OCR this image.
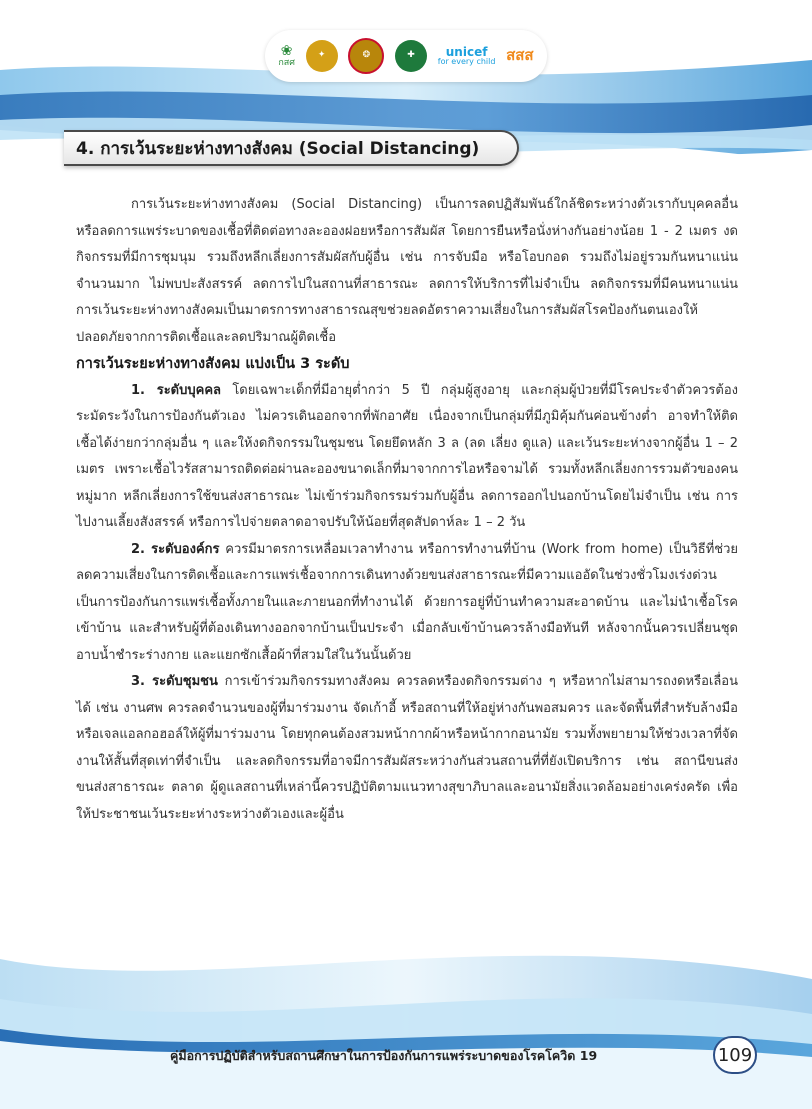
❀
กสศ
✦	❂	✚	unicef
for every child สสส
4. การเว้นระยะห่างทางสังคม (Social Distancing)

การเว้นระยะห่างทางสังคม (Social Distancing) เป็นการลดปฏิสัมพันธ์ใกล้ชิดระหว่างตัวเรากับบุคคลอื่น หรือลดการแพร่ระบาดของเชื้อที่ติดต่อทางละอองฝอยหรือการสัมผัส โดยการยืนหรือนั่งห่างกันอย่างน้อย 1 - 2 เมตร งดกิจกรรมที่มีการชุมนุม รวมถึงหลีกเลี่ยงการสัมผัสกับผู้อื่น เช่น การจับมือ หรือโอบกอด รวมถึงไม่อยู่รวมกันหนาแน่นจำนวนมาก ไม่พบปะสังสรรค์ ลดการไปในสถานที่สาธารณะ ลดการให้บริการที่ไม่จำเป็น ลดกิจกรรมที่มีคนหนาแน่น การเว้นระยะห่างทางสังคมเป็นมาตรการทางสาธารณสุขช่วยลดอัตราความเสี่ยงในการสัมผัสโรคป้องกันตนเองให้ปลอดภัยจากการติดเชื้อและลดปริมาณผู้ติดเชื้อ

การเว้นระยะห่างทางสังคม แบ่งเป็น 3 ระดับ

1. ระดับบุคคล โดยเฉพาะเด็กที่มีอายุต่ำกว่า 5 ปี กลุ่มผู้สูงอายุ และกลุ่มผู้ป่วยที่มีโรคประจำตัวควรต้องระมัดระวังในการป้องกันตัวเอง ไม่ควรเดินออกจากที่พักอาศัย เนื่องจากเป็นกลุ่มที่มีภูมิคุ้มกันค่อนข้างต่ำ อาจทำให้ติดเชื้อได้ง่ายกว่ากลุ่มอื่น ๆ และให้งดกิจกรรมในชุมชน โดยยึดหลัก 3 ล (ลด เลี่ยง ดูแล) และเว้นระยะห่างจากผู้อื่น 1 – 2 เมตร เพราะเชื้อไวรัสสามารถติดต่อผ่านละอองขนาดเล็กที่มาจากการไอหรือจามได้ รวมทั้งหลีกเลี่ยงการรวมตัวของคนหมู่มาก หลีกเลี่ยงการใช้ขนส่งสาธารณะ ไม่เข้าร่วมกิจกรรมร่วมกับผู้อื่น ลดการออกไปนอกบ้านโดยไม่จำเป็น เช่น การไปงานเลี้ยงสังสรรค์ หรือการไปจ่ายตลาดอาจปรับให้น้อยที่สุดสัปดาห์ละ 1 – 2 วัน

2. ระดับองค์กร ควรมีมาตรการเหลื่อมเวลาทำงาน หรือการทำงานที่บ้าน (Work from home) เป็นวิธีที่ช่วยลดความเสี่ยงในการติดเชื้อและการแพร่เชื้อจากการเดินทางด้วยขนส่งสาธารณะที่มีความแออัดในช่วงชั่วโมงเร่งด่วน เป็นการป้องกันการแพร่เชื้อทั้งภายในและภายนอกที่ทำงานได้ ด้วยการอยู่ที่บ้านทำความสะอาดบ้าน และไม่นำเชื้อโรคเข้าบ้าน และสำหรับผู้ที่ต้องเดินทางออกจากบ้านเป็นประจำ เมื่อกลับเข้าบ้านควรล้างมือทันที หลังจากนั้นควรเปลี่ยนชุดอาบน้ำชำระร่างกาย และแยกซักเสื้อผ้าที่สวมใส่ในวันนั้นด้วย

3. ระดับชุมชน การเข้าร่วมกิจกรรมทางสังคม ควรลดหรืองดกิจกรรมต่าง ๆ หรือหากไม่สามารถงดหรือเลื่อนได้ เช่น งานศพ ควรลดจำนวนของผู้ที่มาร่วมงาน จัดเก้าอี้ หรือสถานที่ให้อยู่ห่างกันพอสมควร และจัดพื้นที่สำหรับล้างมือหรือเจลแอลกอฮอล์ให้ผู้ที่มาร่วมงาน โดยทุกคนต้องสวมหน้ากากผ้าหรือหน้ากากอนามัย รวมทั้งพยายามให้ช่วงเวลาที่จัดงานให้สั้นที่สุดเท่าที่จำเป็น และลดกิจกรรมที่อาจมีการสัมผัสระหว่างกันส่วนสถานที่ที่ยังเปิดบริการ เช่น สถานีขนส่ง ขนส่งสาธารณะ ตลาด ผู้ดูแลสถานที่เหล่านี้ควรปฏิบัติตามแนวทางสุขาภิบาลและอนามัยสิ่งแวดล้อมอย่างเคร่งครัด เพื่อให้ประชาชนเว้นระยะห่างระหว่างตัวเองและผู้อื่น

คู่มือการปฏิบัติสำหรับสถานศึกษาในการป้องกันการแพร่ระบาดของโรคโควิด 19	109
